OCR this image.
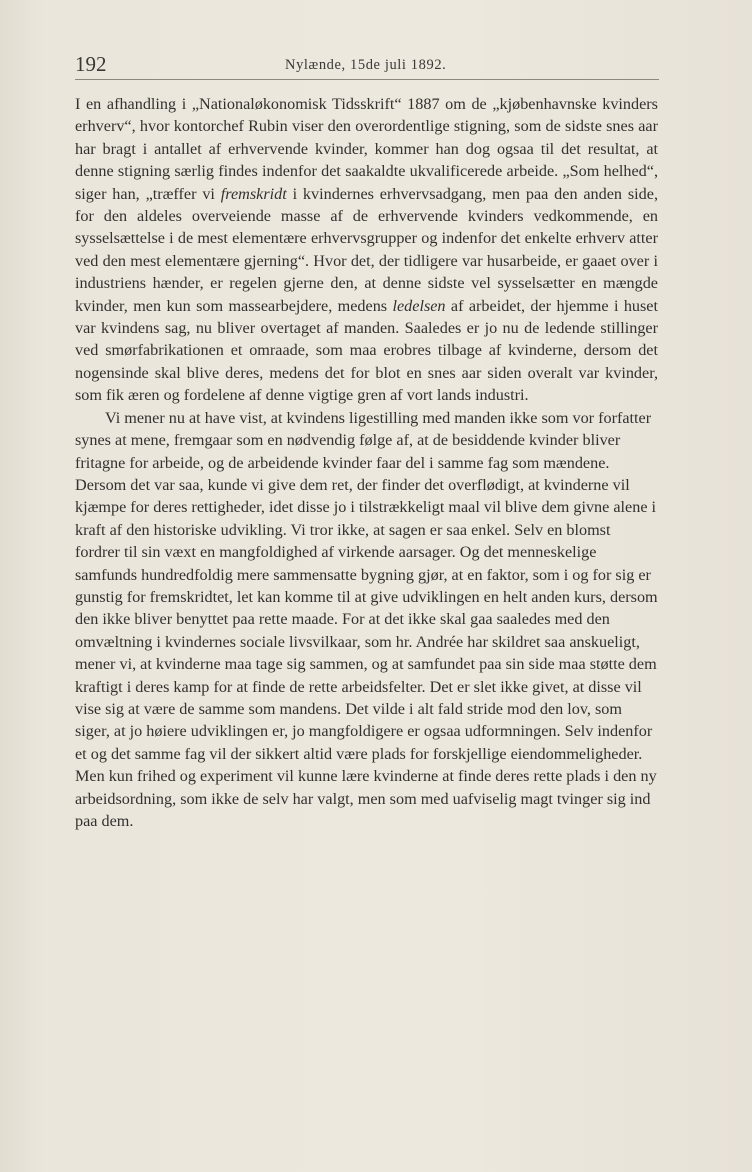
192	Nylænde, 15de juli 1892.

I en afhandling i „Nationaløkonomisk Tidsskrift“ 1887 om de „kjøbenhavnske kvinders erhverv“, hvor kontorchef Rubin viser den overordentlige stigning, som de sidste snes aar har bragt i antallet af erhvervende kvinder, kommer han dog ogsaa til det resultat, at denne stigning særlig findes indenfor det saakaldte ukvalificerede arbeide. „Som helhed“, siger han, „træffer vi fremskridt i kvindernes erhvervsadgang, men paa den anden side, for den aldeles overveiende masse af de erhvervende kvinders vedkommende, en sysselsættelse i de mest elementære erhvervsgrupper og indenfor det enkelte erhverv atter ved den mest elementære gjerning“. Hvor det, der tidligere var husarbeide, er gaaet over i industriens hænder, er regelen gjerne den, at denne sidste vel sysselsætter en mængde kvinder, men kun som massearbejdere, medens ledelsen af arbeidet, der hjemme i huset var kvindens sag, nu bliver overtaget af manden. Saaledes er jo nu de ledende stillinger ved smørfabrikationen et omraade, som maa erobres tilbage af kvinderne, dersom det nogensinde skal blive deres, medens det for blot en snes aar siden overalt var kvinder, som fik æren og fordelene af denne vigtige gren af vort lands industri.

Vi mener nu at have vist, at kvindens ligestilling med manden ikke som vor forfatter synes at mene, fremgaar som en nødvendig følge af, at de besiddende kvinder bliver fritagne for arbeide, og de arbeidende kvinder faar del i samme fag som mændene. Dersom det var saa, kunde vi give dem ret, der finder det overflødigt, at kvinderne vil kjæmpe for deres rettigheder, idet disse jo i tilstrækkeligt maal vil blive dem givne alene i kraft af den historiske udvikling. Vi tror ikke, at sagen er saa enkel. Selv en blomst fordrer til sin væxt en mangfoldighed af virkende aarsager. Og det menneskelige samfunds hundredfoldig mere sammensatte bygning gjør, at en faktor, som i og for sig er gunstig for fremskridtet, let kan komme til at give udviklingen en helt anden kurs, dersom den ikke bliver benyttet paa rette maade. For at det ikke skal gaa saaledes med den omvæltning i kvindernes sociale livsvilkaar, som hr. Andrée har skildret saa anskueligt, mener vi, at kvinderne maa tage sig sammen, og at samfundet paa sin side maa støtte dem kraftigt i deres kamp for at finde de rette arbeidsfelter. Det er slet ikke givet, at disse vil vise sig at være de samme som mandens. Det vilde i alt fald stride mod den lov, som siger, at jo høiere udviklingen er, jo mangfoldigere er ogsaa udformningen. Selv indenfor et og det samme fag vil der sikkert altid være plads for forskjellige eiendommeligheder. Men kun frihed og experiment vil kunne lære kvinderne at finde deres rette plads i den ny arbeidsordning, som ikke de selv har valgt, men som med uafviselig magt tvinger sig ind paa dem.
